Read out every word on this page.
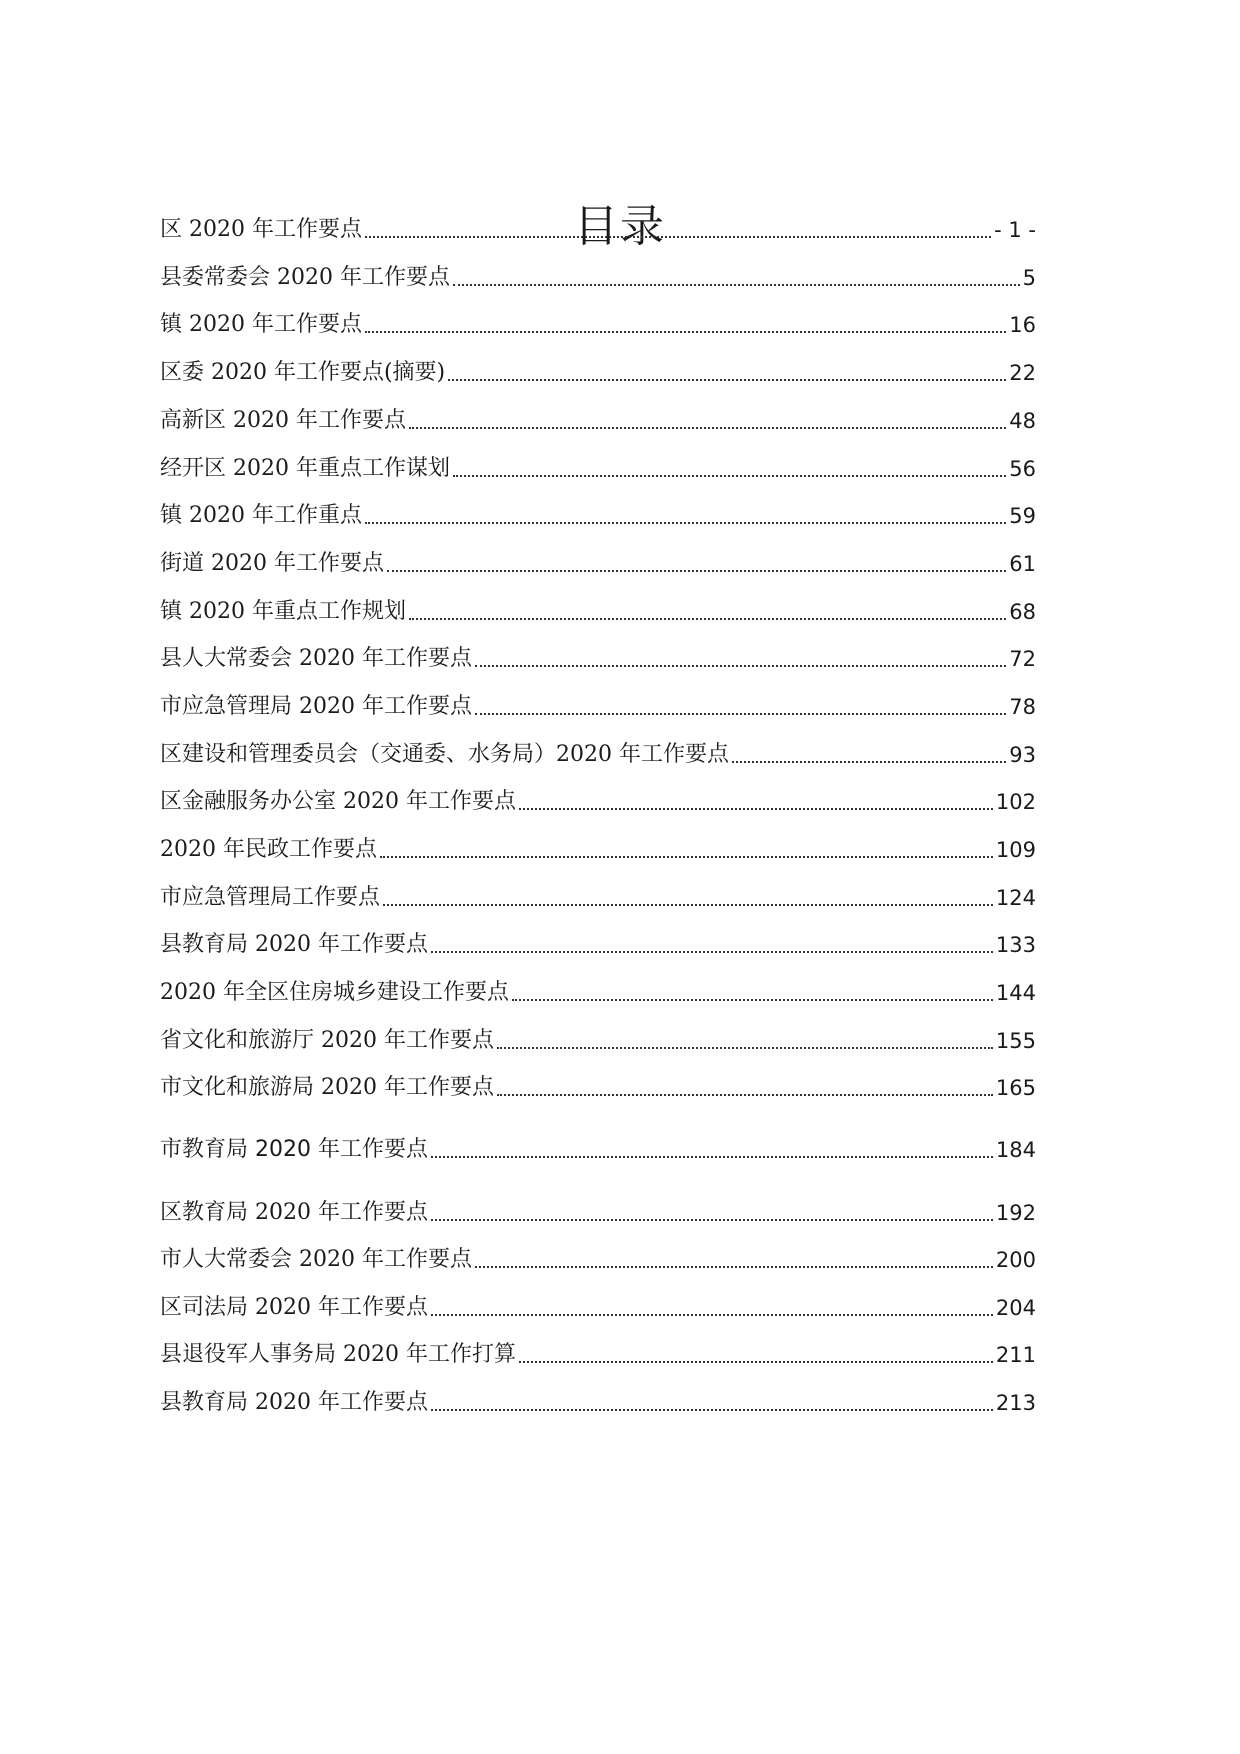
目录
区 2020 年工作要点	- 1 -
县委常委会 2020 年工作要点	5
镇 2020 年工作要点	16
区委 2020 年工作要点(摘要)	22
高新区 2020 年工作要点	48
经开区 2020 年重点工作谋划	56
镇 2020 年工作重点	59
街道 2020 年工作要点	61
镇 2020 年重点工作规划	68
县人大常委会 2020 年工作要点	72
市应急管理局 2020 年工作要点	78
区建设和管理委员会（交通委、水务局）2020 年工作要点	93
区金融服务办公室 2020 年工作要点	102
2020 年民政工作要点	109
市应急管理局工作要点	124
县教育局 2020 年工作要点	133
2020 年全区住房城乡建设工作要点	144
省文化和旅游厅 2020 年工作要点	155
市文化和旅游局 2020 年工作要点	165
市教育局 2020 年工作要点	184
区教育局 2020 年工作要点	192
市人大常委会 2020 年工作要点	200
区司法局 2020 年工作要点	204
县退役军人事务局 2020 年工作打算	211
县教育局 2020 年工作要点	213
